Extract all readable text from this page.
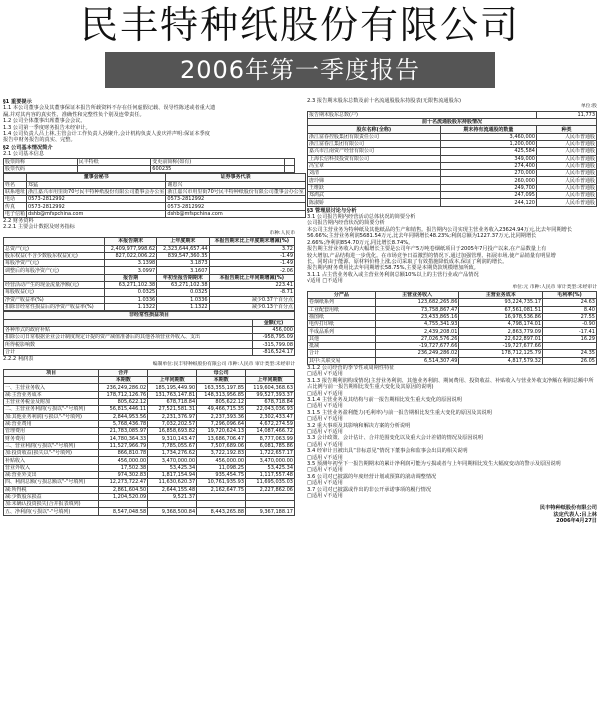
民丰特种纸股份有限公司
2006年第一季度报告
§1 重要提示
1.1 本公司董事会及其董事保证本报告所载资料不存在任何虚假记载、误导性陈述或者重大遗
漏,并对其内容的真实性、准确性和完整性负个别及连带责任。
1.2 公司全体董事出席董事会会议。
1.3 公司第一季度财务报告未经审计。
1.4 公司负责人吕上林,主管会计工作负责人孙聚升,会计机构负责人姜庆祥声明:保证本季度
报告中财务报告的真实、完整。
§2 公司基本情况简介
2.1 公司基本信息
股票简称	民丰特纸	变更前简称(如有)	
股票代码		600235	
	董事会秘书	证券事务代表
姓名	郑猛	谢恩兴
联系地址	浙江嘉兴市甪里街70号民丰特种纸股份有限公司董事会办公室	浙江嘉兴市甪里街70号民丰特种纸股份有限公司董事会办公室
电话	0573-2812992	0573-2812992
传真	0573-2812992	0573-2812992
电子信箱	dshb@mfspchina.com	dshb@mfspchina.com
2.2 财务资料
2.2.1 主要会计数据及财务指标
币种:人民币
	本报告期末	上年度期末	本报告期末比上年度期末增减(%)
总资产(元)	2,409,977,998.62	2,323,644,657.44	3.72
股东权益(不含少数股东权益)(元)	827,022,006.22	839,547,360.35	-1.49
每股净资产(元)	3.1398	3.1873	-1.49
调整后的每股净资产(元)	3.0997	3.1607	-2.06
	报告期	年初至报告期期末	本报告期比上年同期增减(%)
经营活动产生的现金流量净额(元)	63,271,102.38	63,271,102.38	223.41
每股收益(元)	0.0325	0.0325	-8.71
净资产收益率(%)	1.0336	1.0336	减少0.37个百分点
扣除非经常性损益后的净资产收益率(%)	1.1322	1.1322	减少0.13个百分点
非经常性损益项目	
	金额(元)
各种形式的政府补贴	456,000
扣除公司日常根据企业会计制度规定计提的资产减值准备后的其他各项营业外收入、支出	-958,795.09
所得税影响数	-315,799.08
合计	-816,524.17
2.2.2 利润表
编制单位:民丰特种纸股份有限公司 币种:人民币 审计类型:未经审计
项目	合并		母公司	
	本期数	上年同期数	本期数	上年同期数
一、主营业务收入	236,249,286.02	185,195,449.90	163,355,197.85	119,604,368.63
减:主营业务成本	178,712,126.76	131,763,147.81	148,313,956.85	99,527,393.37
主营业务税金及附加	805,622.12	678,718.84	805,622.12	678,718.84
二、主营业务利润(亏损以"-"号填列)	56,815,446.11	27,521,581.31	49,466,715.35	22,043,036.93
加:其他业务利润(亏损以"-"号填列)	2,844,953.56	2,231,376.97	2,237,393.36	2,302,433.47
减:营业费用	5,768,436.78	7,032,202.57	7,296,096.64	4,672,274.59
管理费用	21,783,085.97	16,858,693.82	19,720,624.13	14,087,466.72
财务费用	14,780,364.33	9,310,143.47	13,686,706.47	8,777,063.99
三、营业利润(亏损以"-"号填列)	11,527,966.79	7,785,055.67	7,507,689.06	6,081,785.86
加:投资收益(损失以"-"号填列)	866,810.78	1,734,276.62	3,722,192.83	1,722,657.17
补贴收入	456,000.00	3,470,000.00	456,000.00	3,470,000.00
营业外收入	17,502.38	53,425.34	11,098.25	53,425.34
减:营业外支出	974,302.83	1,817,154.94	935,454.75	1,117,557.48
四、利润总额(亏损总额以"-"号填列)	12,273,722.47	11,630,620.37	10,761,935.93	11,695,035.03
减:所得税	2,861,604.50	2,644,155.48	2,162,647.75	2,227,862.06
减:少数股东损益	1,204,520.09	9,521.37		
加:未确认投资损失(合并报表填列)				
五、净利润(亏损以"-"号填列)	8,547,048.58	9,368,500.84	8,443,265.88	9,367,188.17
2.3 报告期末股东总数及前十名流通股股东持股表(无限售流通股东)
单位:股
报告期末股东总数(户)		11,773
前十名流通股股东持股情况		
股东名称(全称)	期末持有流通股的数量	种类
浙江富春控股集团有限责任公司	3,460,000	人民币普通股
浙江富春江集团有限公司	1,200,000	人民币普通股
嘉兴市江南资产经营有限公司	425,584	人民币普通股
上海长信科技投资有限公司	349,000	人民币普通股
冯宝章	274,400	人民币普通股
刘清	270,000	人民币普通股
唐玲娣	260,000	人民币普通股
王维跃	249,700	人民币普通股
郑鸿武	247,095	人民币普通股
陈淑娇	244,120	人民币普通股
§3 管理层讨论与分析
3.1 公司报告期内经营活动总体状况的简要分析
公司报告期内经营状况的简要分析
本公司主营业务为特种纸及其他纸品的生产和销售。报告期内公司实现主营业务收入23624.94万元,比去年同期增长
56.66%;主营业务利润5681.54万元,比去年同期增长48.23%;利润总额为1227.37万元,比同期增长
2.66%;净利润854.70万元,同比增长8.74%。
报告期主营业务收入的大幅增长主要是公司年产5万吨卷烟纸项目于2005年7月投产以来,在产品数量上有
较大增加,产品结构进一步优化。在市场竞争日益激烈的情况下,通过加强管理、拓展市场,使产品销量有明显增
长。同时由于能源、原材料价格上涨,公司采取了有效措施降低成本,保证了利润的增长。
报告期内财务费用比去年同期增长58.75%,主要是本期贷款规模增加所致。
3.1.1 占主营业务收入或主营业务利润总额10%以上的主营行业或产品情况
√适用 □不适用
单位:元 币种:人民币 审计类型:未经审计
分产品	主营业务收入	主营业务成本	毛利率(%)
卷烟纸系列	123,682,265.86	93,224,735.17	24.63
工业配套用纸	73,758,867.47	67,561,081.51	8.40
描图纸	23,433,865.16	16,978,536.86	27.55
电传打印纸	4,755,341.93	4,798,174.01	-0.90
半成品系列	2,439,208.01	2,863,779.09	-17.41
其他	27,026,576.26	22,622,897.01	16.29
抵减	-19,727,677.66	-19,727,677.66	
合计	236,249,286.02	178,712,125.79	24.35
其中:关联交易	6,514,307.49	4,817,579.32	26.05
3.1.2 公司经营的季节性或周期性特征
□适用 √不适用
3.1.3 报告期利润构成情况(主营业务利润、其他业务利润、期间费用、投资收益、补贴收入与营业外收支净额在利润总额中所占比例与前一报告期相比发生重大变化及其原因的说明)
□适用 √不适用
3.1.4 主营业务及其结构与前一报告期相比发生重大变化的原因说明
□适用 √不适用
3.1.5 主营业务盈利能力(毛利率)与前一报告期相比发生重大变化的原因及其说明
□适用 √不适用
3.2 重大事项及其影响和解决方案的分析说明
□适用 √不适用
3.3 会计政策、会计估计、合并范围变化以及重大会计差错的情况及原因说明
□适用 √不适用
3.4 经审计且被出具“非标意见”情况下董事会和监事会出具的相关说明
□适用 √不适用
3.5 预测年初至下一报告期期末的累计净利润可能为亏损或者与上年同期相比发生大幅度变动的警示及原因说明
□适用 √不适用
3.6 公司对已披露的年度经营计划或预算的滚动调整情况
□适用 √不适用
3.7 公司对已披露或作出的非公开承诺事项的履行情况
□适用 √不适用
民丰特种纸股份有限公司
法定代表人:吕上林
2006年4月27日
